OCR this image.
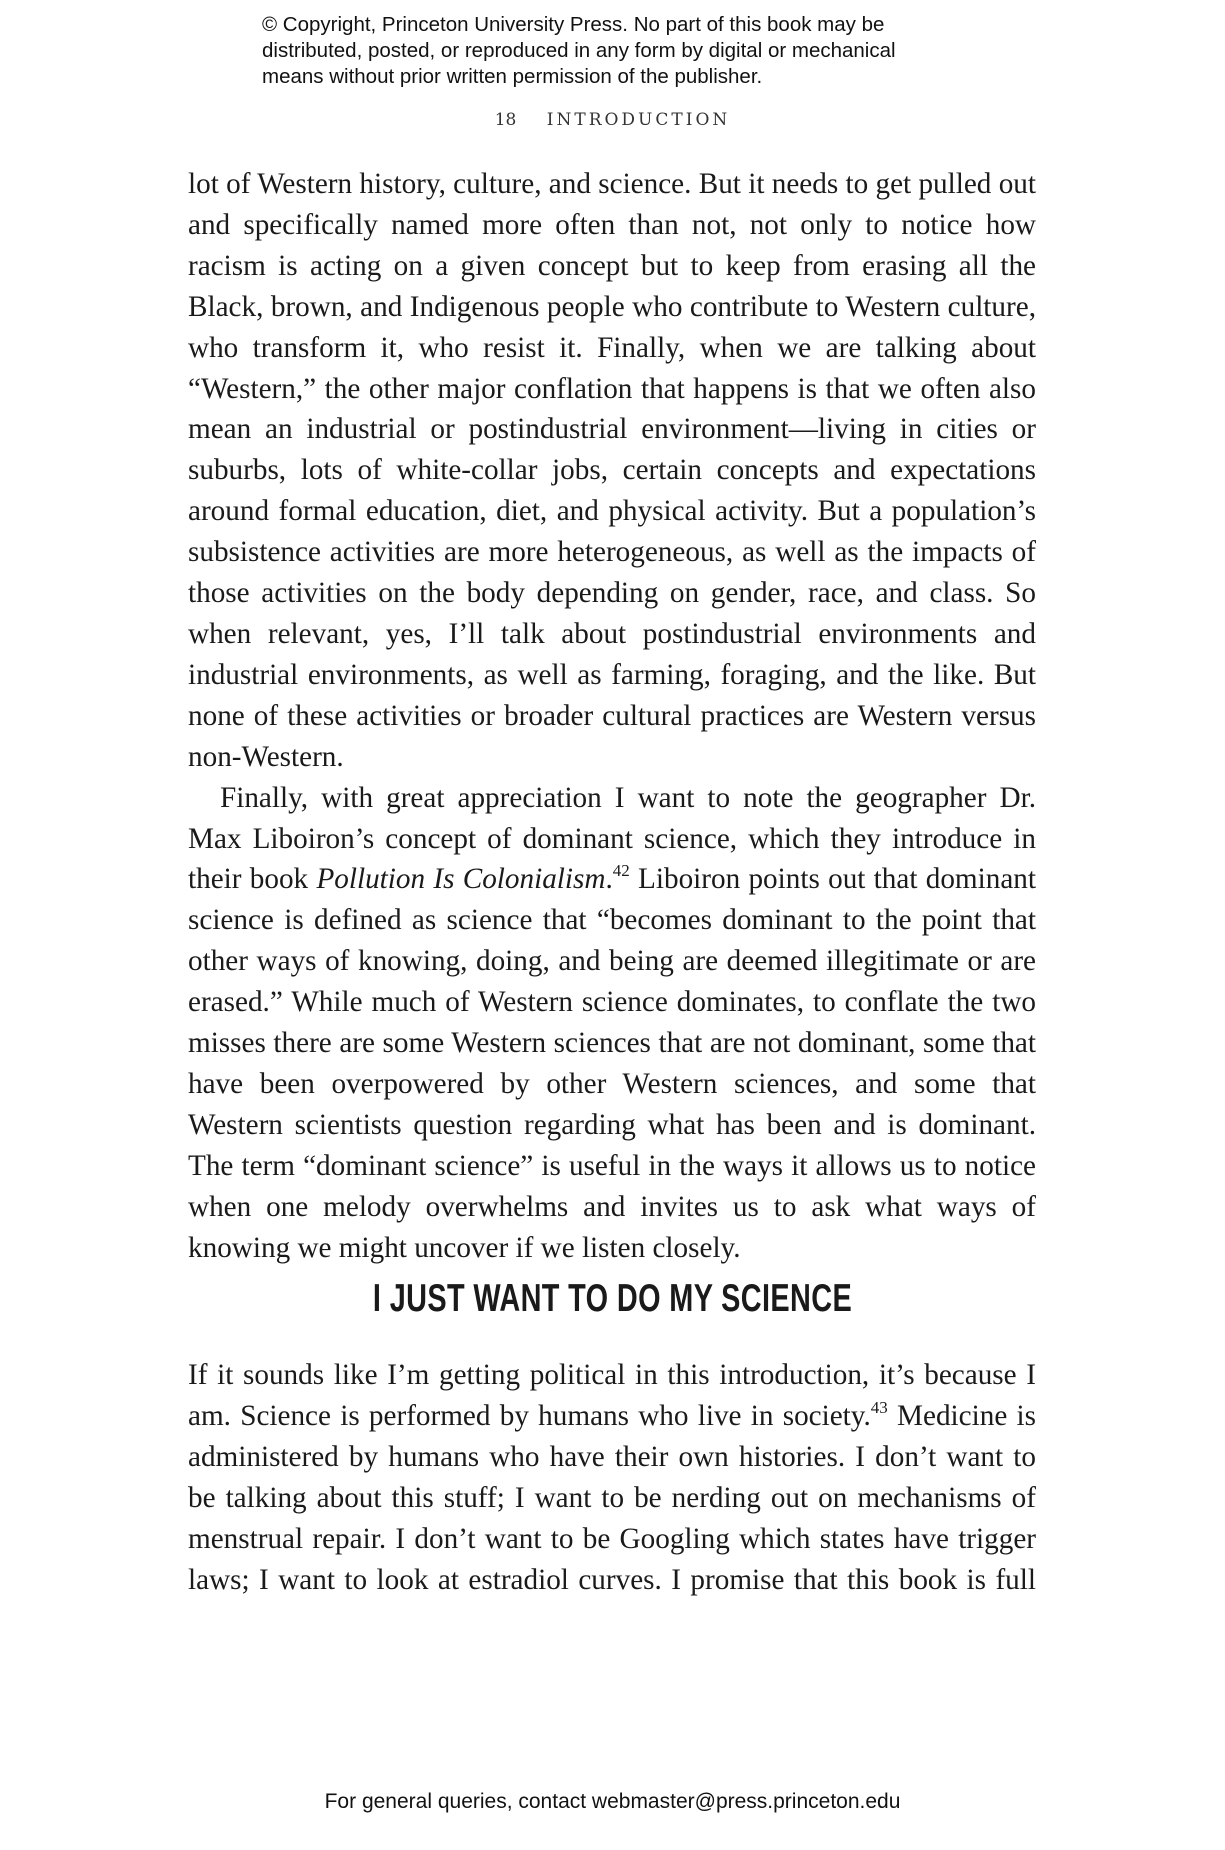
© Copyright, Princeton University Press. No part of this book may be
distributed, posted, or reproduced in any form by digital or mechanical
means without prior written permission of the publisher.
18 INTRODUCTION

lot of Western history, culture, and science. But it needs to get pulled out and specifically named more often than not, not only to notice how racism is acting on a given concept but to keep from erasing all the Black, brown, and Indigenous people who contribute to Western culture, who transform it, who resist it. Finally, when we are talking about “Western,” the other major conflation that happens is that we often also mean an industrial or postindustrial environment—living in cities or suburbs, lots of white-collar jobs, certain concepts and expectations around formal education, diet, and physical activity. But a population’s subsistence activities are more heterogeneous, as well as the impacts of those activities on the body depending on gender, race, and class. So when relevant, yes, I’ll talk about postindustrial environments and industrial environments, as well as farming, foraging, and the like. But none of these activities or broader cultural practices are Western versus non-Western.

Finally, with great appreciation I want to note the geographer Dr. Max Liboiron’s concept of dominant science, which they introduce in their book Pollution Is Colonialism.$^{42}$ Liboiron points out that dominant science is defined as science that “becomes dominant to the point that other ways of knowing, doing, and being are deemed illegitimate or are erased.” While much of Western science dominates, to conflate the two misses there are some Western sciences that are not dominant, some that have been overpowered by other Western sciences, and some that Western scientists question regarding what has been and is dominant. The term “dominant science” is useful in the ways it allows us to notice when one melody overwhelms and invites us to ask what ways of knowing we might uncover if we listen closely.

I JUST WANT TO DO MY SCIENCE

If it sounds like I’m getting political in this introduction, it’s because I am. Science is performed by humans who live in society.$^{43}$ Medicine is administered by humans who have their own histories. I don’t want to be talking about this stuff; I want to be nerding out on mechanisms of menstrual repair. I don’t want to be Googling which states have trigger laws; I want to look at estradiol curves. I promise that this book is full

For general queries, contact webmaster@press.princeton.edu
